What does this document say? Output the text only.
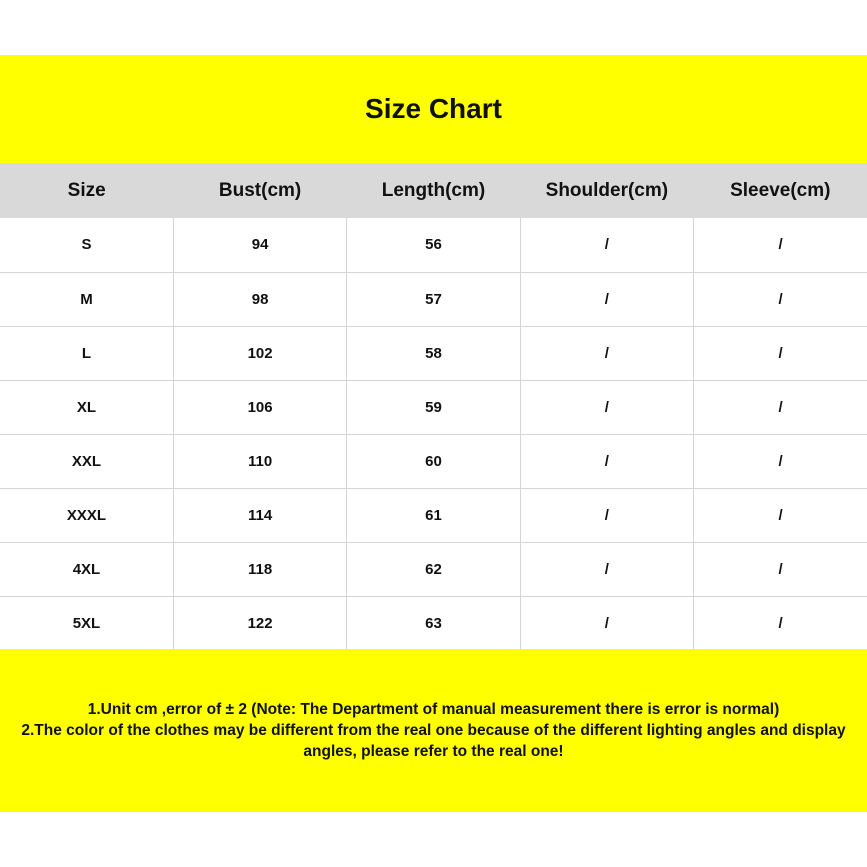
Size Chart
Size	Bust(cm)	Length(cm)	Shoulder(cm)	Sleeve(cm)
S	94	56	/	/
M	98	57	/	/
L	102	58	/	/
XL	106	59	/	/
XXL	110	60	/	/
XXXL	114	61	/	/
4XL	118	62	/	/
5XL	122	63	/	/
1.Unit cm ,error of ± 2 (Note: The Department of manual measurement there is error is normal)
2.The color of the clothes may be different from the real one because of the different lighting angles and display angles, please refer to the real one!
